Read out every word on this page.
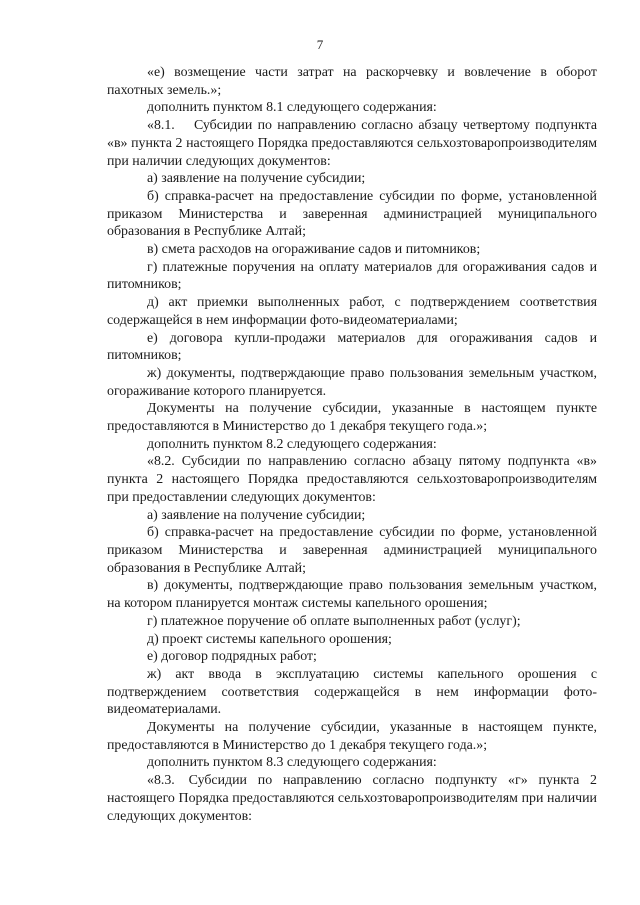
7

«е) возмещение части затрат на раскорчевку и вовлечение в оборот пахотных земель.»;

дополнить пунктом 8.1 следующего содержания:

«8.1.  Субсидии по направлению согласно абзацу четвертому подпункта «в» пункта 2 настоящего Порядка предоставляются сельхозтоваропроизводителям при наличии следующих документов:

а) заявление на получение субсидии;

б) справка-расчет на предоставление субсидии по форме, установленной приказом Министерства и заверенная администрацией муниципального образования в Республике Алтай;

в) смета расходов на огораживание садов и питомников;

г) платежные поручения на оплату материалов для огораживания садов и питомников;

д) акт приемки выполненных работ, с подтверждением соответствия содержащейся в нем информации фото-видеоматериалами;

е) договора купли-продажи материалов для огораживания садов и питомников;

ж) документы, подтверждающие право пользования земельным участком, огораживание которого планируется.

Документы на получение субсидии, указанные в настоящем пункте предоставляются в Министерство до 1 декабря текущего года.»;

дополнить пунктом 8.2 следующего содержания:

«8.2. Субсидии по направлению согласно абзацу пятому подпункта «в» пункта 2 настоящего Порядка предоставляются сельхозтоваропроизводителям при предоставлении следующих документов:

а) заявление на получение субсидии;

б) справка-расчет на предоставление субсидии по форме, установленной приказом Министерства и заверенная администрацией муниципального образования в Республике Алтай;

в) документы, подтверждающие право пользования земельным участком, на котором планируется монтаж системы капельного орошения;

г) платежное поручение об оплате выполненных работ (услуг);

д) проект системы капельного орошения;

е) договор подрядных работ;

ж) акт ввода в эксплуатацию системы капельного орошения с подтверждением соответствия содержащейся в нем информации фото-видеоматериалами.

Документы на получение субсидии, указанные в настоящем пункте, предоставляются в Министерство до 1 декабря текущего года.»;

дополнить пунктом 8.3 следующего содержания:

«8.3. Субсидии по направлению согласно подпункту «г» пункта 2 настоящего Порядка предоставляются сельхозтоваропроизводителям при наличии следующих документов:
